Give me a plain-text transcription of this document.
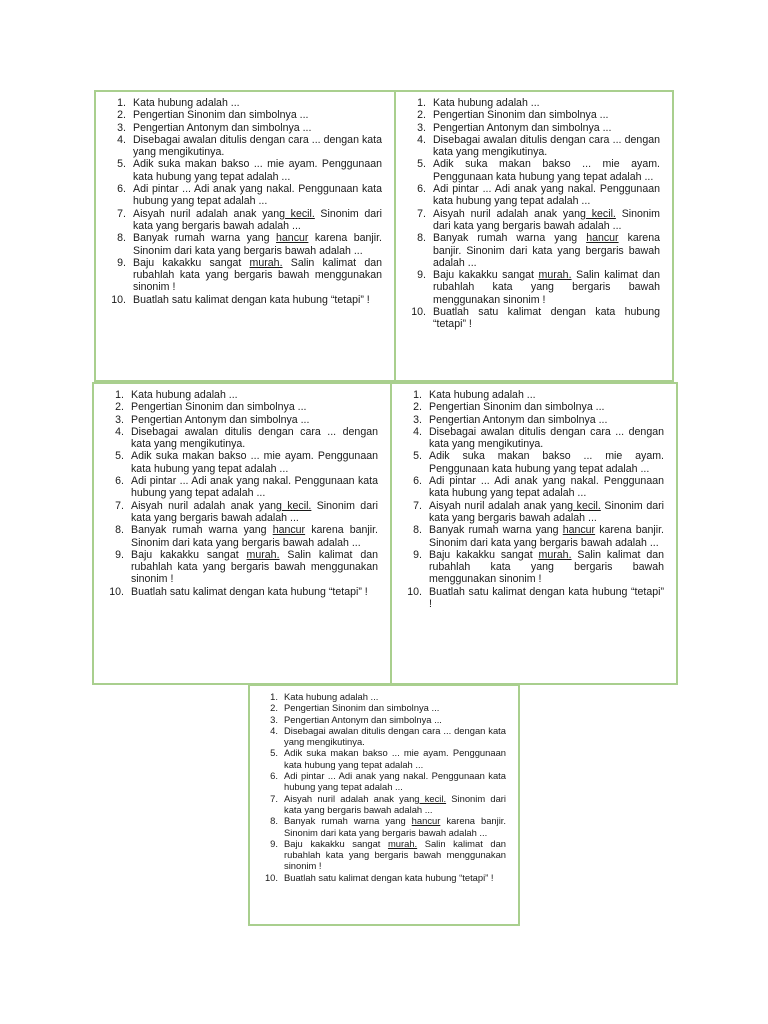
1. Kata hubung adalah ...
2. Pengertian Sinonim dan simbolnya ...
3. Pengertian Antonym dan simbolnya ...
4. Disebagai awalan ditulis dengan cara ... dengan kata yang mengikutinya.
5. Adik suka makan bakso ... mie ayam. Penggunaan kata hubung yang tepat adalah ...
6. Adi pintar ... Adi anak yang nakal. Penggunaan kata hubung yang tepat adalah ...
7. Aisyah nuril adalah anak yang kecil. Sinonim dari kata yang bergaris bawah adalah ...
8. Banyak rumah warna yang hancur karena banjir. Sinonim dari kata yang bergaris bawah adalah ...
9. Baju kakakku sangat murah. Salin kalimat dan rubahlah kata yang bergaris bawah menggunakan sinonim !
10. Buatlah satu kalimat dengan kata hubung “tetapi” !
1. Kata hubung adalah ...
2. Pengertian Sinonim dan simbolnya ...
3. Pengertian Antonym dan simbolnya ...
4. Disebagai awalan ditulis dengan cara ... dengan kata yang mengikutinya.
5. Adik suka makan bakso ... mie ayam. Penggunaan kata hubung yang tepat adalah ...
6. Adi pintar ... Adi anak yang nakal. Penggunaan kata hubung yang tepat adalah ...
7. Aisyah nuril adalah anak yang kecil. Sinonim dari kata yang bergaris bawah adalah ...
8. Banyak rumah warna yang hancur karena banjir. Sinonim dari kata yang bergaris bawah adalah ...
9. Baju kakakku sangat murah. Salin kalimat dan rubahlah kata yang bergaris bawah menggunakan sinonim !
10. Buatlah satu kalimat dengan kata hubung “tetapi” !
1. Kata hubung adalah ...
2. Pengertian Sinonim dan simbolnya ...
3. Pengertian Antonym dan simbolnya ...
4. Disebagai awalan ditulis dengan cara ... dengan kata yang mengikutinya.
5. Adik suka makan bakso ... mie ayam. Penggunaan kata hubung yang tepat adalah ...
6. Adi pintar ... Adi anak yang nakal. Penggunaan kata hubung yang tepat adalah ...
7. Aisyah nuril adalah anak yang kecil. Sinonim dari kata yang bergaris bawah adalah ...
8. Banyak rumah warna yang hancur karena banjir. Sinonim dari kata yang bergaris bawah adalah ...
9. Baju kakakku sangat murah. Salin kalimat dan rubahlah kata yang bergaris bawah menggunakan sinonim !
10. Buatlah satu kalimat dengan kata hubung “tetapi” !
1. Kata hubung adalah ...
2. Pengertian Sinonim dan simbolnya ...
3. Pengertian Antonym dan simbolnya ...
4. Disebagai awalan ditulis dengan cara ... dengan kata yang mengikutinya.
5. Adik suka makan bakso ... mie ayam. Penggunaan kata hubung yang tepat adalah ...
6. Adi pintar ... Adi anak yang nakal. Penggunaan kata hubung yang tepat adalah ...
7. Aisyah nuril adalah anak yang kecil. Sinonim dari kata yang bergaris bawah adalah ...
8. Banyak rumah warna yang hancur karena banjir. Sinonim dari kata yang bergaris bawah adalah ...
9. Baju kakakku sangat murah. Salin kalimat dan rubahlah kata yang bergaris bawah menggunakan sinonim !
10. Buatlah satu kalimat dengan kata hubung “tetapi” !
1. Kata hubung adalah ...
2. Pengertian Sinonim dan simbolnya ...
3. Pengertian Antonym dan simbolnya ...
4. Disebagai awalan ditulis dengan cara ... dengan kata yang mengikutinya.
5. Adik suka makan bakso ... mie ayam. Penggunaan kata hubung yang tepat adalah ...
6. Adi pintar ... Adi anak yang nakal. Penggunaan kata hubung yang tepat adalah ...
7. Aisyah nuril adalah anak yang kecil. Sinonim dari kata yang bergaris bawah adalah ...
8. Banyak rumah warna yang hancur karena banjir. Sinonim dari kata yang bergaris bawah adalah ...
9. Baju kakakku sangat murah. Salin kalimat dan rubahlah kata yang bergaris bawah menggunakan sinonim !
10. Buatlah satu kalimat dengan kata hubung “tetapi” !
